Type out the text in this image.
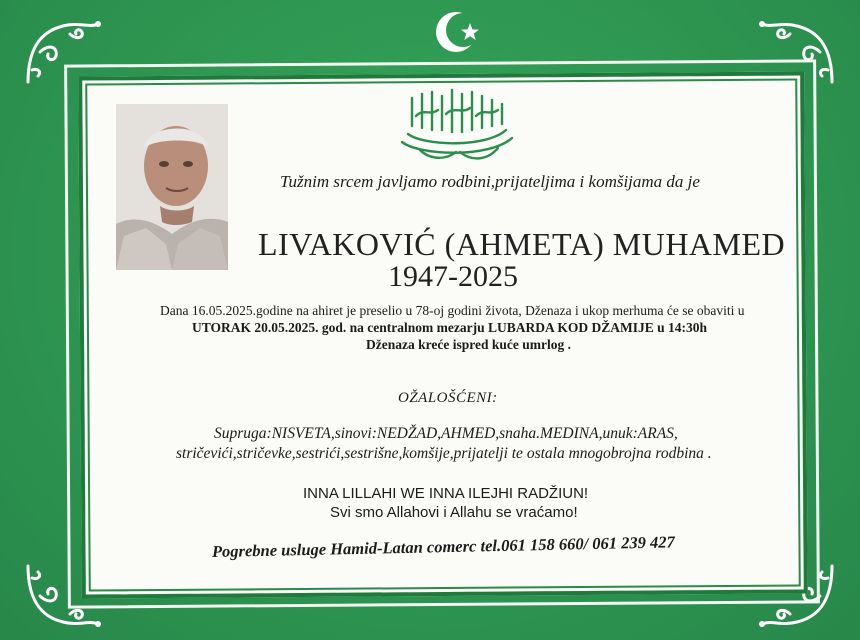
Tužnim srcem javljamo rodbini,prijateljima i komšijama da je
LIVAKOVIĆ (AHMETA) MUHAMED
1947-2025
Dana 16.05.2025.godine na ahiret je preselio u 78-oj godini života, Dženaza i ukop merhuma će se obaviti u
UTORAK 20.05.2025. god. na centralnom mezarju LUBARDA KOD DŽAMIJE u 14:30h
Dženaza kreće ispred kuće umrlog .
OŽALOŠĆENI:
Supruga:NISVETA,sinovi:NEDŽAD,AHMED,snaha.MEDINA,unuk:ARAS,
stričevići,stričevke,sestrići,sestrišne,komšije,prijatelji te ostala mnogobrojna rodbina .
INNA LILLAHI WE INNA ILEJHI RADŽIUN!
Svi smo Allahovi i Allahu se vraćamo!
Pogrebne usluge Hamid-Latan comerc tel.061 158 660/ 061 239 427
